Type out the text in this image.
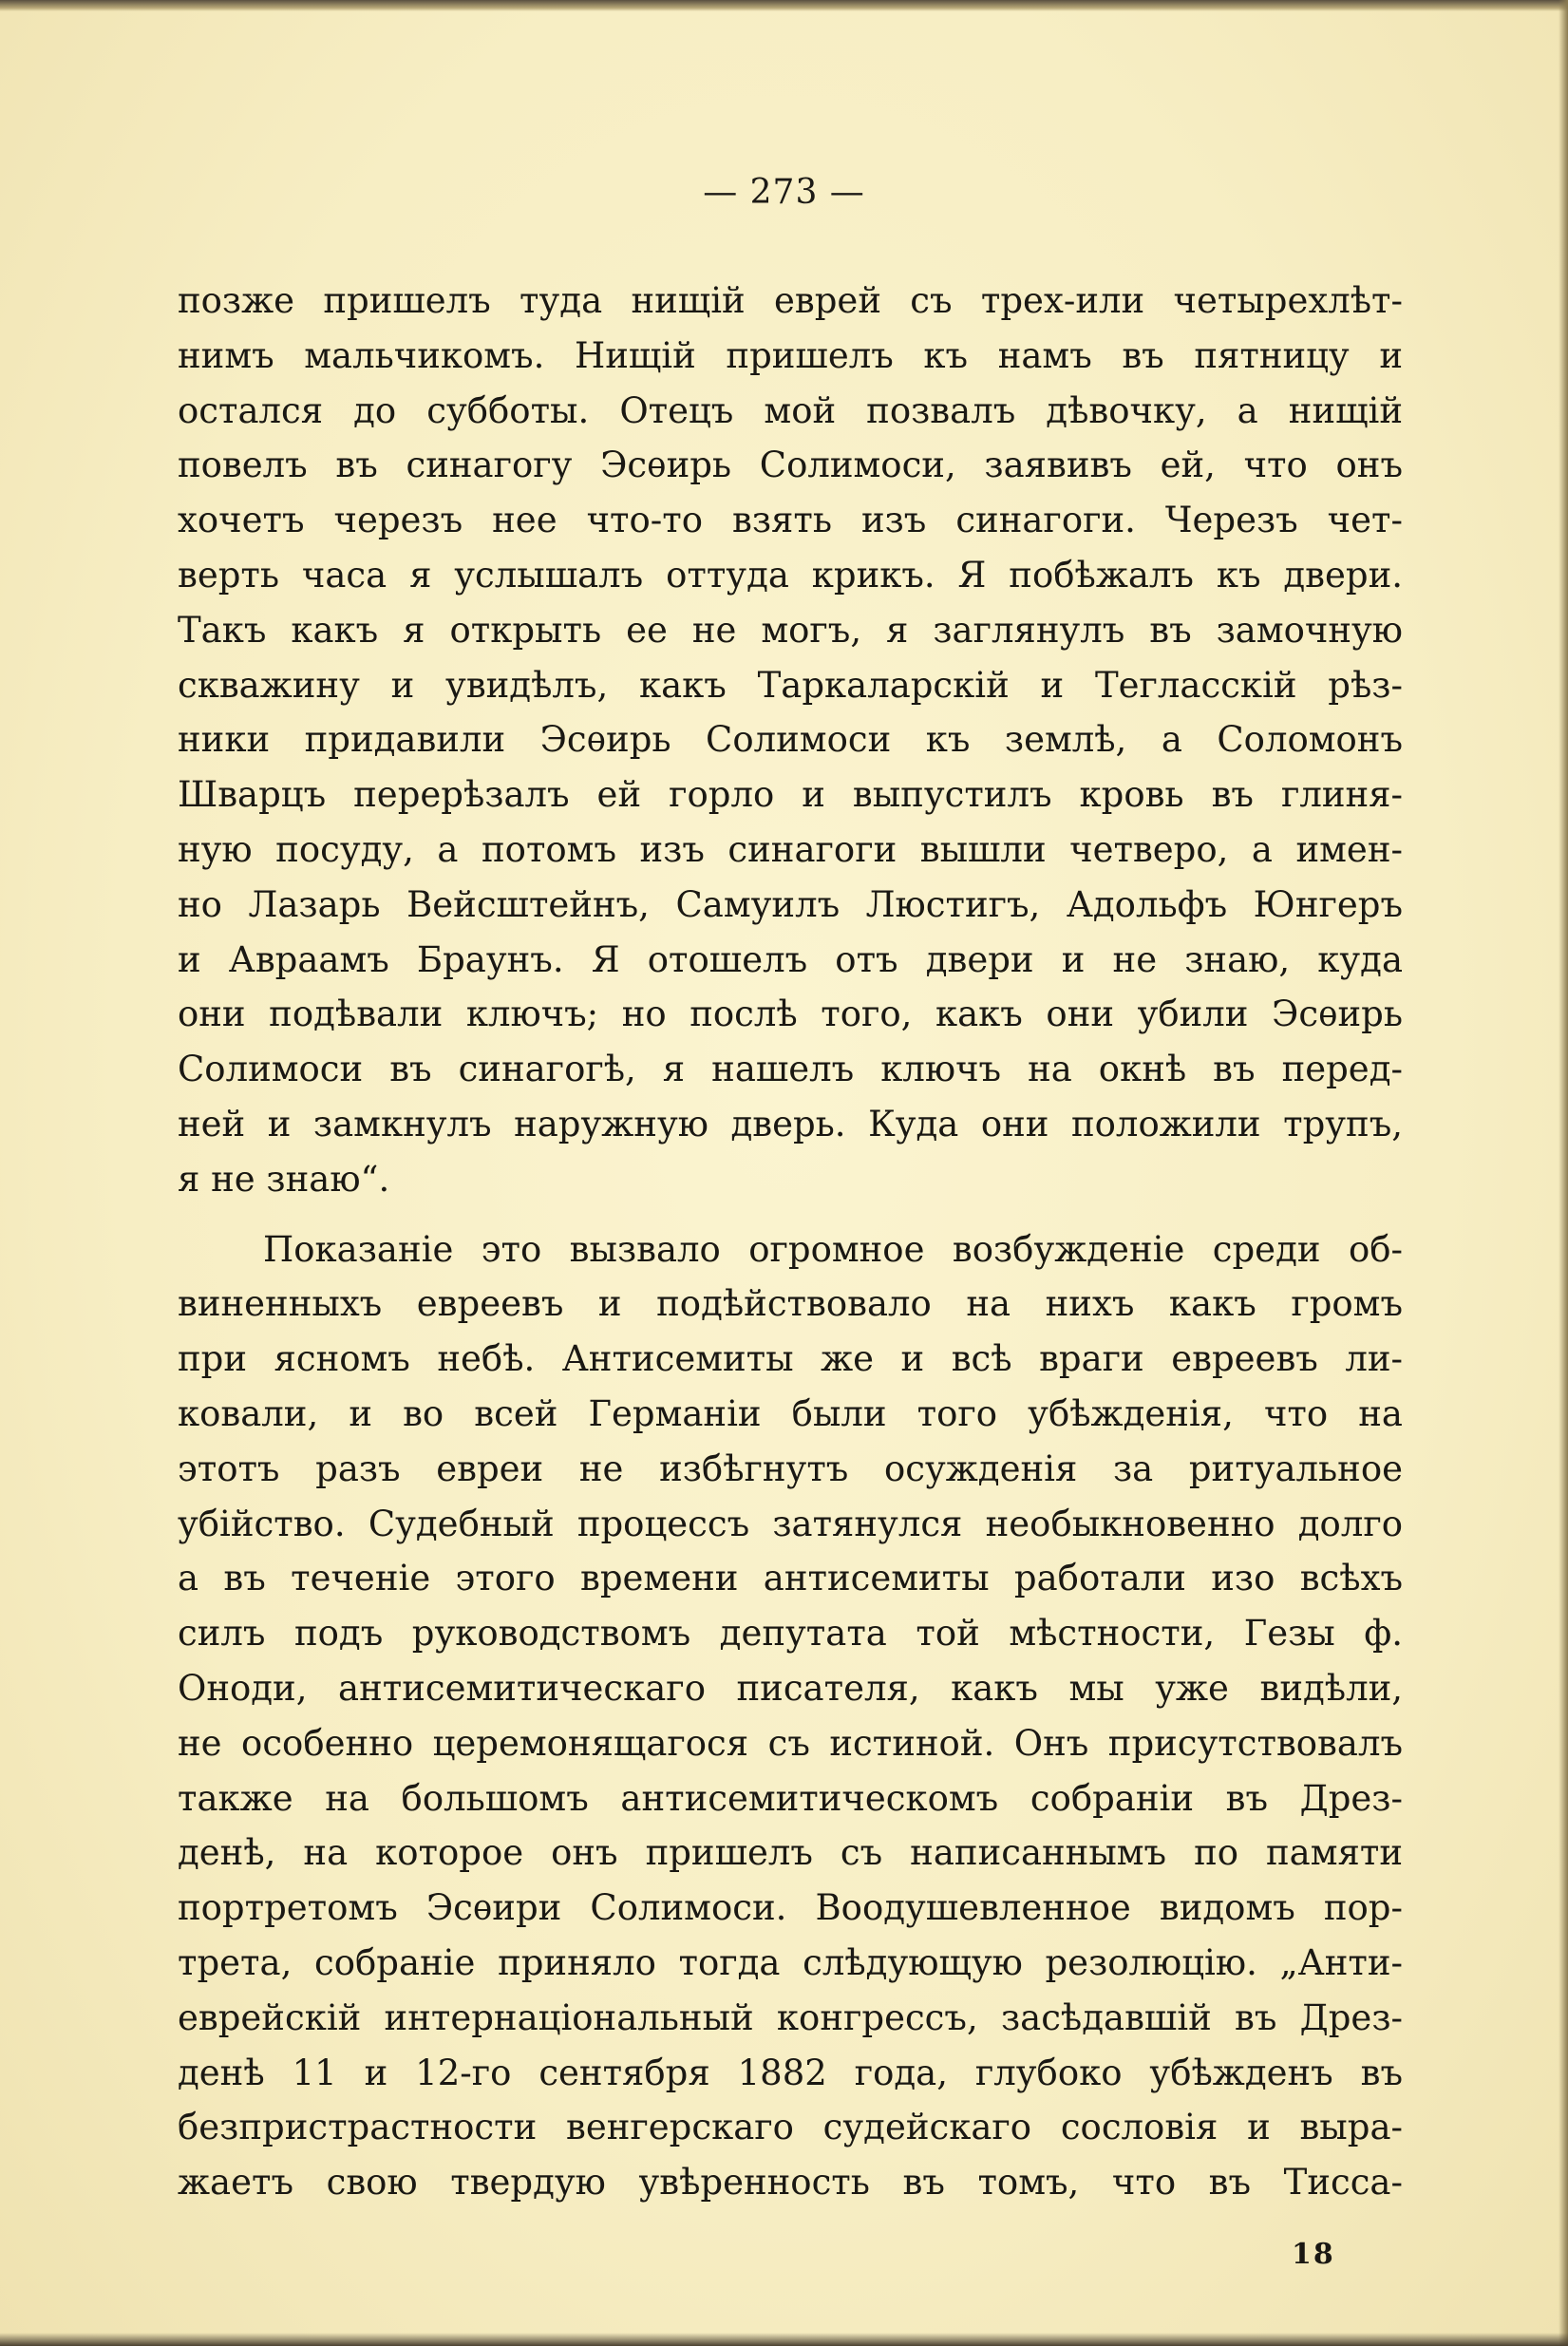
— 273 —
позже пришелъ туда нищій еврей съ трех-или четырехлѣт-
нимъ мальчикомъ. Нищій пришелъ къ намъ въ пятницу и
остался до субботы. Отецъ мой позвалъ дѣвочку, а нищій
повелъ въ синагогу Эсѳирь Солимоси, заявивъ ей, что онъ
хочетъ черезъ нее что-то взять изъ синагоги. Черезъ чет-
верть часа я услышалъ оттуда крикъ. Я побѣжалъ къ двери.
Такъ какъ я открыть ее не могъ, я заглянулъ въ замочную
скважину и увидѣлъ, какъ Таркаларскій и Тегласскій рѣз-
ники придавили Эсѳирь Солимоси къ землѣ, а Соломонъ
Шварцъ перерѣзалъ ей горло и выпустилъ кровь въ глиня-
ную посуду, а потомъ изъ синагоги вышли четверо, а имен-
но Лазарь Вейсштейнъ, Самуилъ Люстигъ, Адольфъ Юнгеръ
и Авраамъ Браунъ. Я отошелъ отъ двери и не знаю, куда
они подѣвали ключъ; но послѣ того, какъ они убили Эсѳирь
Солимоси въ синагогѣ, я нашелъ ключъ на окнѣ въ перед-
ней и замкнулъ наружную дверь. Куда они положили трупъ,
я не знаю“.
Показаніе это вызвало огромное возбужденіе среди об-
виненныхъ евреевъ и подѣйствовало на нихъ какъ громъ
при ясномъ небѣ. Антисемиты же и всѣ враги евреевъ ли-
ковали, и во всей Германіи были того убѣжденія, что на
этотъ разъ евреи не избѣгнутъ осужденія за ритуальное
убійство. Судебный процессъ затянулся необыкновенно долго
а въ теченіе этого времени антисемиты работали изо всѣхъ
силъ подъ руководствомъ депутата той мѣстности, Гезы ф.
Оноди, антисемитическаго писателя, какъ мы уже видѣли,
не особенно церемонящагося съ истиной. Онъ присутствовалъ
также на большомъ антисемитическомъ собраніи въ Дрез-
денѣ, на которое онъ пришелъ съ написаннымъ по памяти
портретомъ Эсѳири Солимоси. Воодушевленное видомъ пор-
трета, собраніе приняло тогда слѣдующую резолюцію. „Анти-
еврейскій интернаціональный конгрессъ, засѣдавшій въ Дрез-
денѣ 11 и 12-го сентября 1882 года, глубоко убѣжденъ въ
безпристрастности венгерскаго судейскаго сословія и выра-
жаетъ свою твердую увѣренность въ томъ, что въ Тисса-
18
